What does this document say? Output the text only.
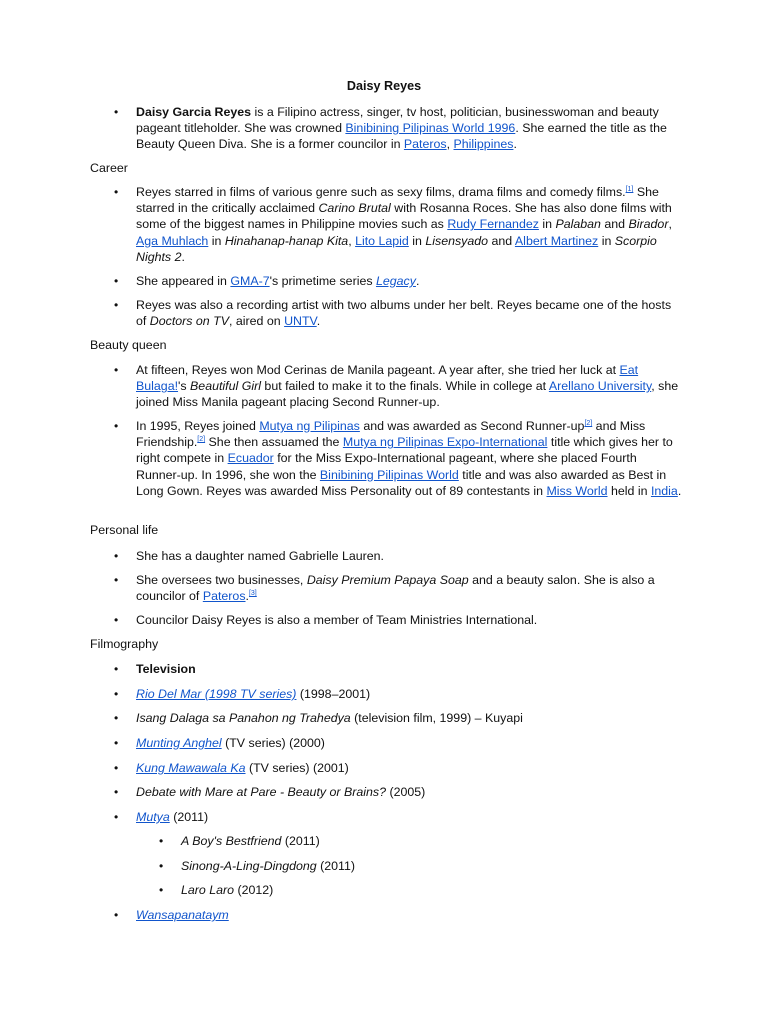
Daisy Reyes
• Daisy Garcia Reyes is a Filipino actress, singer, tv host, politician, businesswoman and beauty pageant titleholder. She was crowned Binibining Pilipinas World 1996. She earned the title as the Beauty Queen Diva. She is a former councilor in Pateros, Philippines.
Career
• Reyes starred in films of various genre such as sexy films, drama films and comedy films.[1] She starred in the critically acclaimed Carino Brutal with Rosanna Roces. She has also done films with some of the biggest names in Philippine movies such as Rudy Fernandez in Palaban and Birador, Aga Muhlach in Hinahanap-hanap Kita, Lito Lapid in Lisensyado and Albert Martinez in Scorpio Nights 2.
• She appeared in GMA-7's primetime series Legacy.
• Reyes was also a recording artist with two albums under her belt. Reyes became one of the hosts of Doctors on TV, aired on UNTV.
Beauty queen
• At fifteen, Reyes won Mod Cerinas de Manila pageant. A year after, she tried her luck at Eat Bulaga!'s Beautiful Girl but failed to make it to the finals. While in college at Arellano University, she joined Miss Manila pageant placing Second Runner-up.
• In 1995, Reyes joined Mutya ng Pilipinas and was awarded as Second Runner-up[2] and Miss Friendship.[2] She then assuamed the Mutya ng Pilipinas Expo-International title which gives her to right compete in Ecuador for the Miss Expo-International pageant, where she placed Fourth Runner-up. In 1996, she won the Binibining Pilipinas World title and was also awarded as Best in Long Gown. Reyes was awarded Miss Personality out of 89 contestants in Miss World held in India.
Personal life
• She has a daughter named Gabrielle Lauren.
• She oversees two businesses, Daisy Premium Papaya Soap and a beauty salon. She is also a councilor of Pateros.[3]
• Councilor Daisy Reyes is also a member of Team Ministries International.
Filmography
• Television
• Rio Del Mar (1998 TV series) (1998–2001)
• Isang Dalaga sa Panahon ng Trahedya (television film, 1999) – Kuyapi
• Munting Anghel (TV series) (2000)
• Kung Mawawala Ka (TV series) (2001)
• Debate with Mare at Pare - Beauty or Brains? (2005)
• Mutya (2011)
• A Boy's Bestfriend (2011)
• Sinong-A-Ling-Dingdong (2011)
• Laro Laro (2012)
• Wansapanataym
